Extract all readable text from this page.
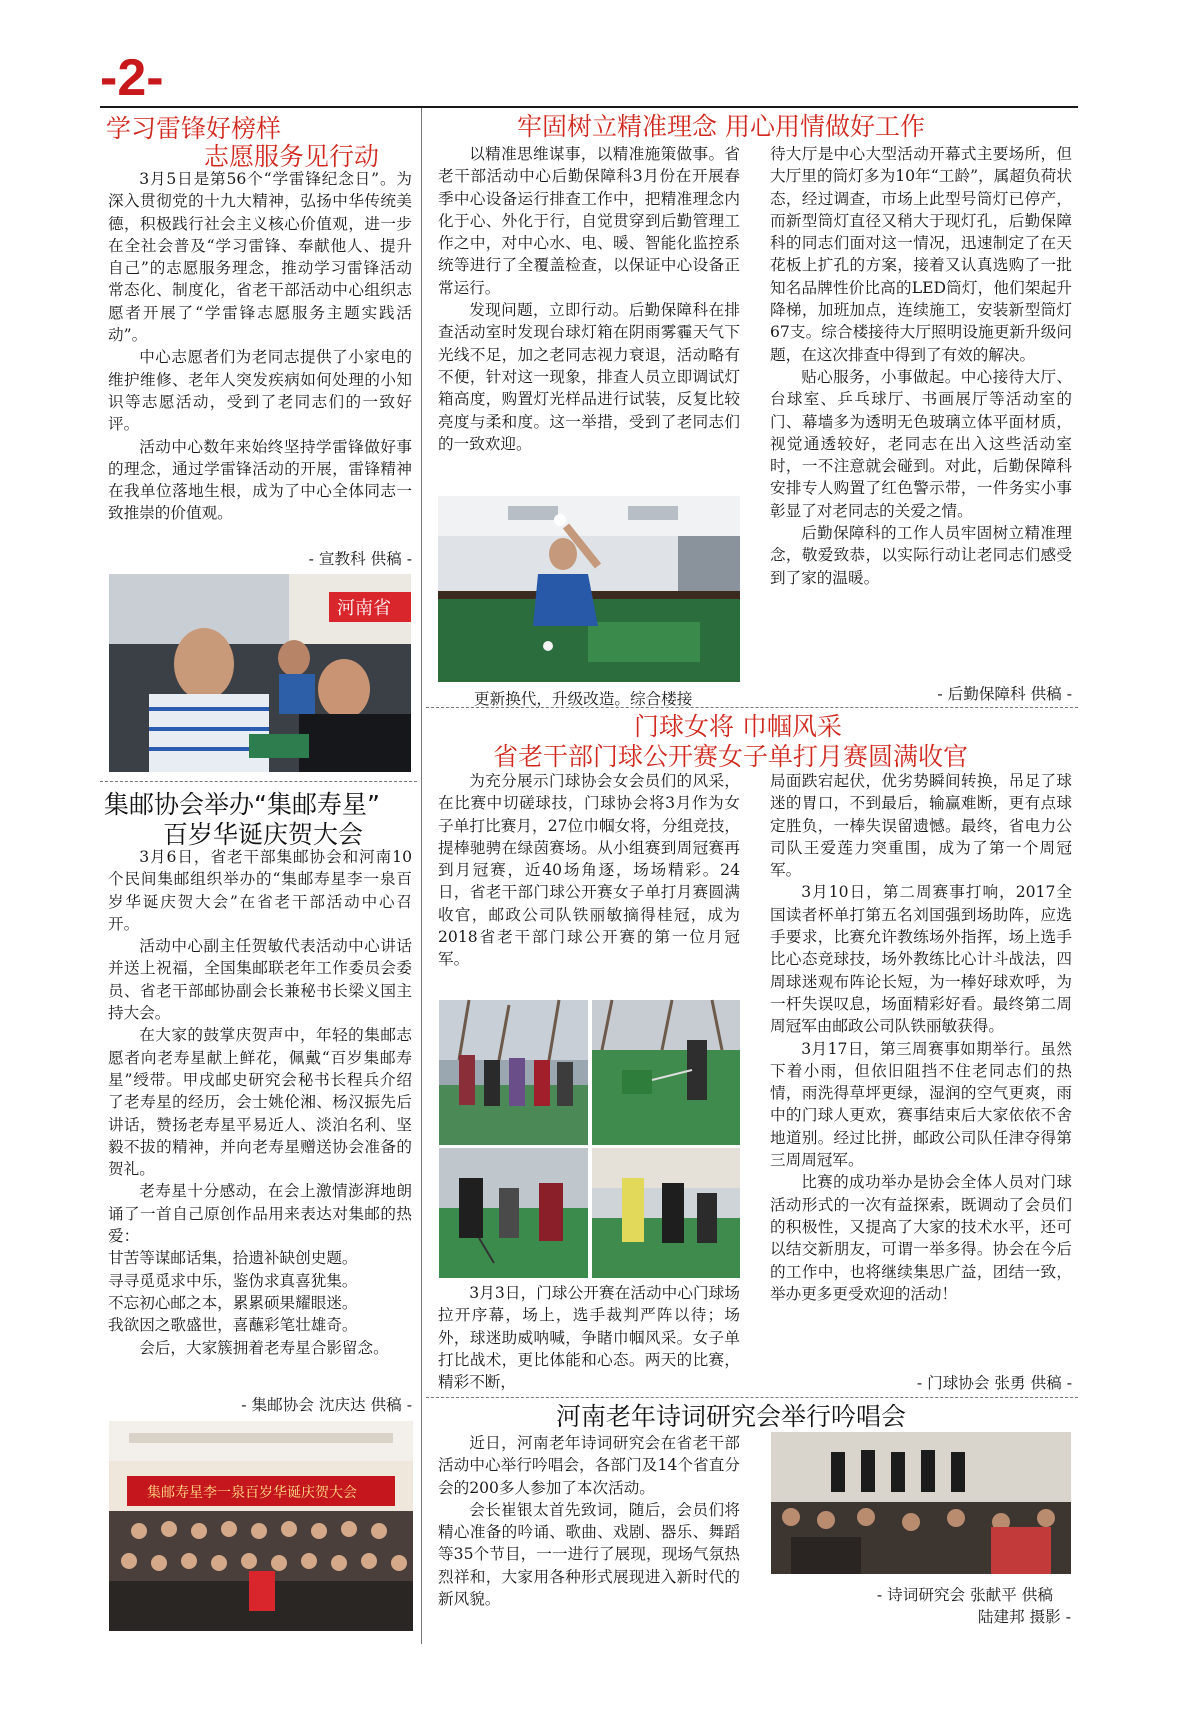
-2-
学习雷锋好榜样
志愿服务见行动

3月5日是第56个“学雷锋纪念日”。为深入贯彻党的十九大精神，弘扬中华传统美德，积极践行社会主义核心价值观，进一步在全社会普及“学习雷锋、奉献他人、提升自己”的志愿服务理念，推动学习雷锋活动常态化、制度化，省老干部活动中心组织志愿者开展了“学雷锋志愿服务主题实践活动”。

中心志愿者们为老同志提供了小家电的维护维修、老年人突发疾病如何处理的小知识等志愿活动，受到了老同志们的一致好评。

活动中心数年来始终坚持学雷锋做好事的理念，通过学雷锋活动的开展，雷锋精神在我单位落地生根，成为了中心全体同志一致推崇的价值观。

- 宣教科 供稿 -
河南省
集邮协会举办“集邮寿星”
百岁华诞庆贺大会

3月6日，省老干部集邮协会和河南10个民间集邮组织举办的“集邮寿星李一泉百岁华诞庆贺大会”在省老干部活动中心召开。

活动中心副主任贺敏代表活动中心讲话并送上祝福，全国集邮联老年工作委员会委员、省老干部邮协副会长兼秘书长梁义国主持大会。

在大家的鼓掌庆贺声中，年轻的集邮志愿者向老寿星献上鲜花，佩戴“百岁集邮寿星”绶带。甲戌邮史研究会秘书长程兵介绍了老寿星的经历，会士姚伦湘、杨汉振先后讲话，赞扬老寿星平易近人、淡泊名利、坚毅不拔的精神，并向老寿星赠送协会准备的贺礼。

老寿星十分感动，在会上激情澎湃地朗诵了一首自己原创作品用来表达对集邮的热爱：

甘苦等谋邮话集，拾遗补缺创史题。

寻寻觅觅求中乐，鉴伪求真喜犹集。

不忘初心邮之本，累累硕果耀眼迷。

我欲因之歌盛世，喜蘸彩笔壮雄奇。

会后，大家簇拥着老寿星合影留念。

- 集邮协会 沈庆达 供稿 -
集邮寿星李一泉百岁华诞庆贺大会
牢固树立精准理念 用心用情做好工作

以精准思维谋事，以精准施策做事。省老干部活动中心后勤保障科3月份在开展春季中心设备运行排查工作中，把精准理念内化于心、外化于行，自觉贯穿到后勤管理工作之中，对中心水、电、暖、智能化监控系统等进行了全覆盖检查，以保证中心设备正常运行。

发现问题，立即行动。后勤保障科在排查活动室时发现台球灯箱在阴雨雾霾天气下光线不足，加之老同志视力衰退，活动略有不便，针对这一现象，排查人员立即调试灯箱高度，购置灯光样品进行试装，反复比较亮度与柔和度。这一举措，受到了老同志们的一致欢迎。

更新换代，升级改造。综合楼接

待大厅是中心大型活动开幕式主要场所，但大厅里的筒灯多为10年“工龄”，属超负荷状态，经过调查，市场上此型号筒灯已停产，而新型筒灯直径又稍大于现灯孔，后勤保障科的同志们面对这一情况，迅速制定了在天花板上扩孔的方案，接着又认真选购了一批知名品牌性价比高的LED筒灯，他们架起升降梯，加班加点，连续施工，安装新型筒灯67支。综合楼接待大厅照明设施更新升级问题，在这次排查中得到了有效的解决。

贴心服务，小事做起。中心接待大厅、台球室、乒乓球厅、书画展厅等活动室的门、幕墙多为透明无色玻璃立体平面材质，视觉通透较好，老同志在出入这些活动室时，一不注意就会碰到。对此，后勤保障科安排专人购置了红色警示带，一件务实小事彰显了对老同志的关爱之情。

后勤保障科的工作人员牢固树立精准理念，敬爱致恭，以实际行动让老同志们感受到了家的温暖。

- 后勤保障科 供稿 -
门球女将 巾帼风采
省老干部门球公开赛女子单打月赛圆满收官

为充分展示门球协会女会员们的风采，在比赛中切磋球技，门球协会将3月作为女子单打比赛月，27位巾帼女将，分组竞技，提棒驰骋在绿茵赛场。从小组赛到周冠赛再到月冠赛，近40场角逐，场场精彩。24日，省老干部门球公开赛女子单打月赛圆满收官，邮政公司队铁丽敏摘得桂冠，成为2018省老干部门球公开赛的第一位月冠军。

3月3日，门球公开赛在活动中心门球场拉开序幕，场上，选手裁判严阵以待；场外，球迷助威呐喊，争睹巾帼风采。女子单打比战术，更比体能和心态。两天的比赛，精彩不断，

局面跌宕起伏，优劣势瞬间转换，吊足了球迷的胃口，不到最后，输赢难断，更有点球定胜负，一棒失误留遗憾。最终，省电力公司队王爱莲力突重围，成为了第一个周冠军。

3月10日，第二周赛事打响，2017全国读者杯单打第五名刘国强到场助阵，应选手要求，比赛允许教练场外指挥，场上选手比心态竞球技，场外教练比心计斗战法，四周球迷观布阵论长短，为一棒好球欢呼，为一杆失误叹息，场面精彩好看。最终第二周周冠军由邮政公司队铁丽敏获得。

3月17日，第三周赛事如期举行。虽然下着小雨，但依旧阻挡不住老同志们的热情，雨洗得草坪更绿，湿润的空气更爽，雨中的门球人更欢，赛事结束后大家依依不舍地道别。经过比拼，邮政公司队任津夺得第三周周冠军。

比赛的成功举办是协会全体人员对门球活动形式的一次有益探索，既调动了会员们的积极性，又提高了大家的技术水平，还可以结交新朋友，可谓一举多得。协会在今后的工作中，也将继续集思广益，团结一致，举办更多更受欢迎的活动！

- 门球协会 张勇 供稿 -
河南老年诗词研究会举行吟唱会

近日，河南老年诗词研究会在省老干部活动中心举行吟唱会，各部门及14个省直分会的200多人参加了本次活动。

会长崔银太首先致词，随后，会员们将精心准备的吟诵、歌曲、戏剧、器乐、舞蹈等35个节目，一一进行了展现，现场气氛热烈祥和，大家用各种形式展现进入新时代的新风貌。	- 诗词研究会 张献平 供稿
陆建邦 摄影 -
